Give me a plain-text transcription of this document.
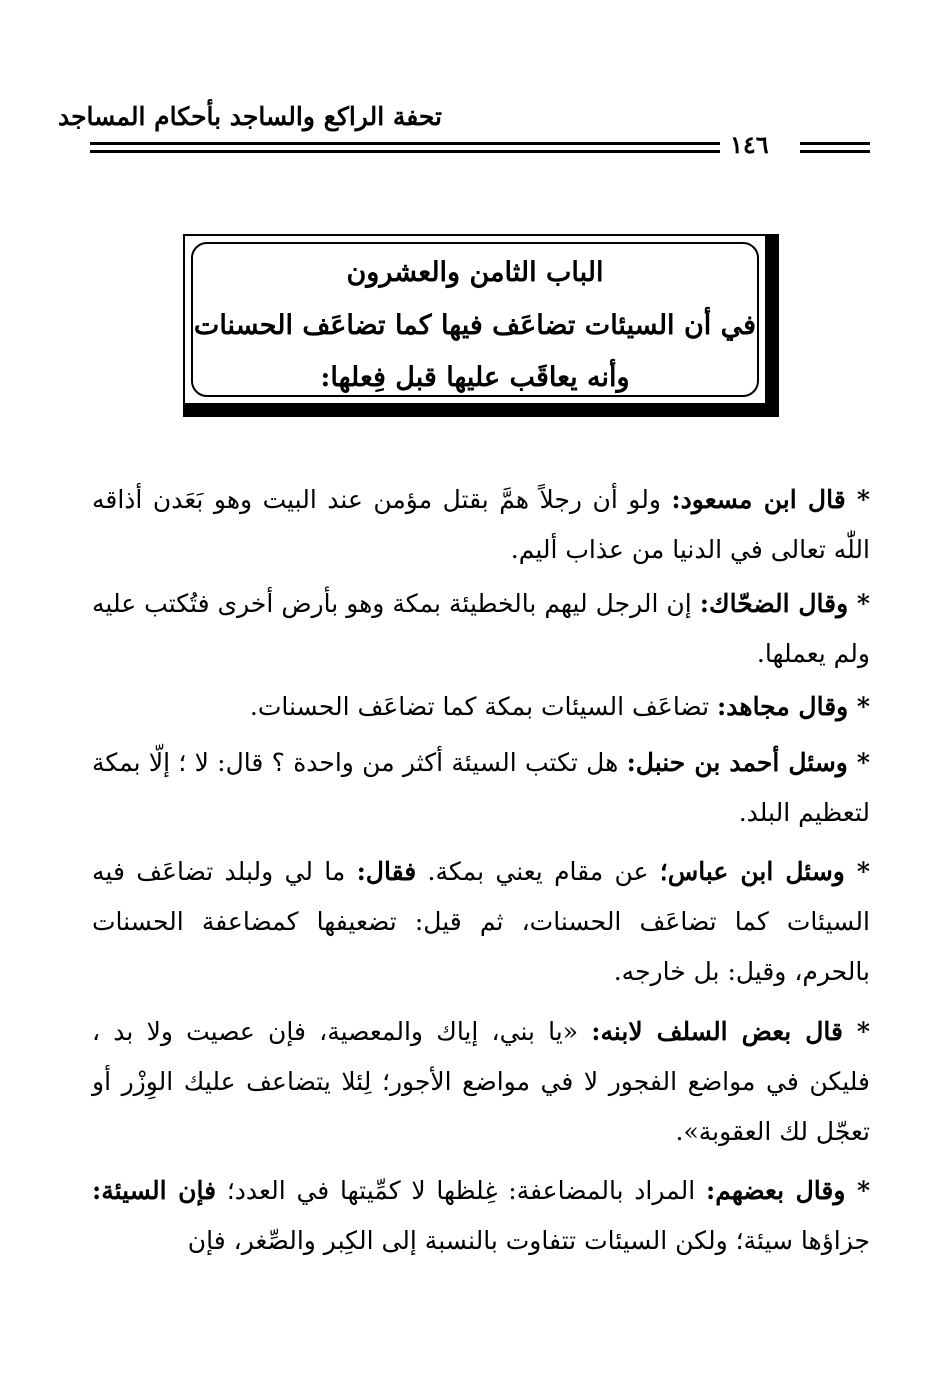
تحفة الراكع والساجد بأحكام المساجد
١٤٦
الباب الثامن والعشرون
في أن السيئات تضاعَف فيها كما تضاعَف الحسنات
وأنه يعاقَب عليها قبل فِعلها:
* قال ابن مسعود: ولو أن رجلاً همَّ بقتل مؤمن عند البيت وهو بَعَدن أذاقه اللّٰه تعالى في الدنيا من عذاب أليم.
* وقال الضحّاك: إن الرجل ليهم بالخطيئة بمكة وهو بأرض أخرى فتُكتب عليه ولم يعملها.
* وقال مجاهد: تضاعَف السيئات بمكة كما تضاعَف الحسنات.
* وسئل أحمد بن حنبل: هل تكتب السيئة أكثر من واحدة ؟ قال: لا ؛ إلّا بمكة لتعظيم البلد.
* وسئل ابن عباس؛ عن مقام يعني بمكة. فقال: ما لي ولبلد تضاعَف فيه السيئات كما تضاعَف الحسنات، ثم قيل: تضعيفها كمضاعفة الحسنات بالحرم، وقيل: بل خارجه.
* قال بعض السلف لابنه: «يا بني، إياك والمعصية، فإن عصيت ولا بد ، فليكن في مواضع الفجور لا في مواضع الأجور؛ لِئلا يتضاعف عليك الوِزْر أو تعجّل لك العقوبة».
* وقال بعضهم: المراد بالمضاعفة: غِلظها لا كمِّيتها في العدد؛ فإن السيئة: جزاؤها سيئة؛ ولكن السيئات تتفاوت بالنسبة إلى الكِبر والصِّغر، فإن
